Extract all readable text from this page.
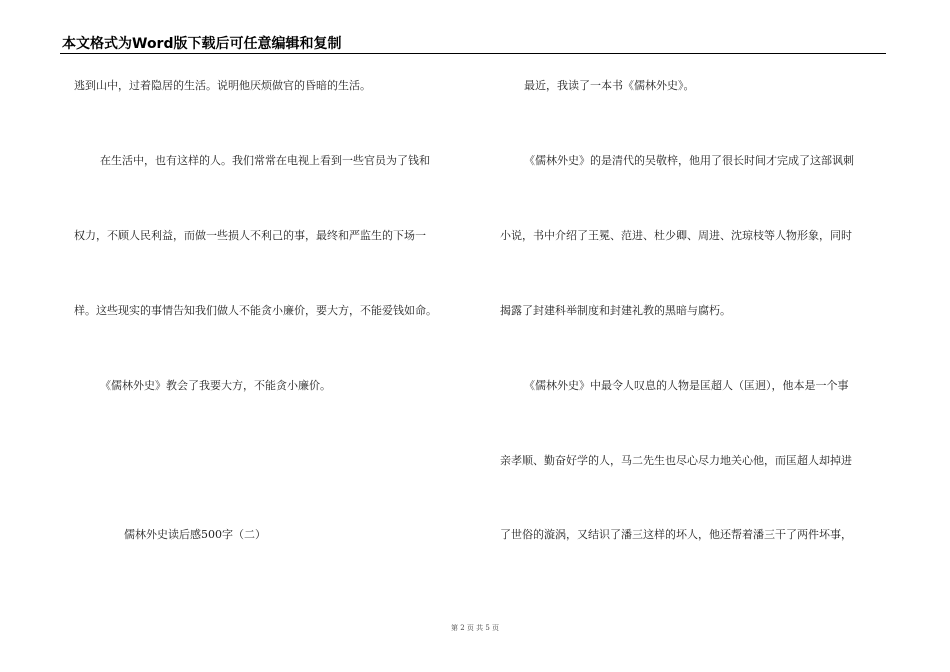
本文格式为Word版下载后可任意编辑和复制
逃到山中，过着隐居的生活。说明他厌烦做官的昏暗的生活。
在生活中，也有这样的人。我们常常在电视上看到一些官员为了钱和
权力，不顾人民利益，而做一些损人不利己的事，最终和严监生的下场一
样。这些现实的事情告知我们做人不能贪小廉价，要大方，不能爱钱如命。
《儒林外史》教会了我要大方，不能贪小廉价。
儒林外史读后感500字（二）
最近，我读了一本书《儒林外史》。
《儒林外史》的是清代的吴敬梓，他用了很长时间才完成了这部讽刺
小说，书中介绍了王冕、范进、杜少卿、周进、沈琼枝等人物形象，同时
揭露了封建科举制度和封建礼教的黑暗与腐朽。
《儒林外史》中最令人叹息的人物是匡超人（匡迥），他本是一个事
亲孝顺、勤奋好学的人，马二先生也尽心尽力地关心他，而匡超人却掉进
了世俗的漩涡，又结识了潘三这样的坏人，他还帮着潘三干了两件坏事，
第 2 页 共 5 页
